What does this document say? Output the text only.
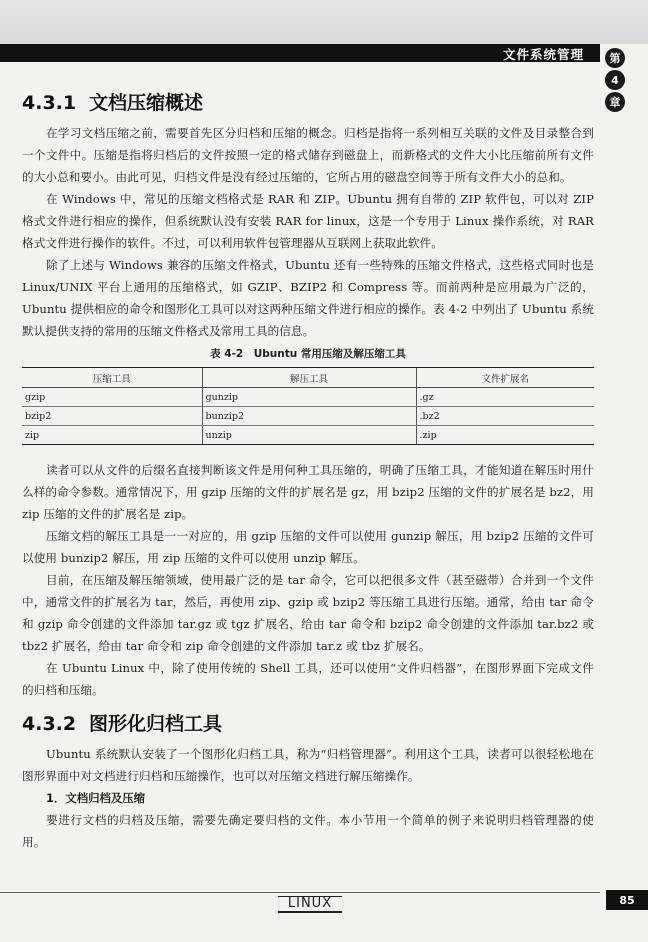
文件系统管理	第
4
章
4.3.1 文档压缩概述

在学习文档压缩之前，需要首先区分归档和压缩的概念。归档是指将一系列相互关联的文件及目录整合到一个文件中。压缩是指将归档后的文件按照一定的格式储存到磁盘上，而新格式的文件大小比压缩前所有文件的大小总和要小。由此可见，归档文件是没有经过压缩的，它所占用的磁盘空间等于所有文件大小的总和。

在 Windows 中，常见的压缩文档格式是 RAR 和 ZIP。Ubuntu 拥有自带的 ZIP 软件包，可以对 ZIP 格式文件进行相应的操作，但系统默认没有安装 RAR for linux，这是一个专用于 Linux 操作系统，对 RAR 格式文件进行操作的软件。不过，可以利用软件包管理器从互联网上获取此软件。

除了上述与 Windows 兼容的压缩文件格式，Ubuntu 还有一些特殊的压缩文件格式，这些格式同时也是 Linux/UNIX 平台上通用的压缩格式，如 GZIP、BZIP2 和 Compress 等。而前两种是应用最为广泛的，Ubuntu 提供相应的命令和图形化工具可以对这两种压缩文件进行相应的操作。表 4-2 中列出了 Ubuntu 系统默认提供支持的常用的压缩文件格式及常用工具的信息。

表 4-2　Ubuntu 常用压缩及解压缩工具
压缩工具	解压工具	文件扩展名
gzip	gunzip	.gz
bzip2	bunzip2	.bz2
zip	unzip	.zip

读者可以从文件的后缀名直接判断该文件是用何种工具压缩的，明确了压缩工具，才能知道在解压时用什么样的命令参数。通常情况下，用 gzip 压缩的文件的扩展名是 gz，用 bzip2 压缩的文件的扩展名是 bz2，用 zip 压缩的文件的扩展名是 zip。

压缩文档的解压工具是一一对应的，用 gzip 压缩的文件可以使用 gunzip 解压，用 bzip2 压缩的文件可以使用 bunzip2 解压，用 zip 压缩的文件可以使用 unzip 解压。

目前，在压缩及解压缩领域，使用最广泛的是 tar 命令，它可以把很多文件（甚至磁带）合并到一个文件中，通常文件的扩展名为 tar，然后，再使用 zip、gzip 或 bzip2 等压缩工具进行压缩。通常，给由 tar 命令和 gzip 命令创建的文件添加 tar.gz 或 tgz 扩展名，给由 tar 命令和 bzip2 命令创建的文件添加 tar.bz2 或 tbz2 扩展名，给由 tar 命令和 zip 命令创建的文件添加 tar.z 或 tbz 扩展名。

在 Ubuntu Linux 中，除了使用传统的 Shell 工具，还可以使用“文件归档器”，在图形界面下完成文件的归档和压缩。

4.3.2 图形化归档工具

Ubuntu 系统默认安装了一个图形化归档工具，称为“归档管理器”。利用这个工具，读者可以很轻松地在图形界面中对文档进行归档和压缩操作，也可以对压缩文档进行解压缩操作。

1．文档归档及压缩

要进行文档的归档及压缩，需要先确定要归档的文件。本小节用一个简单的例子来说明归档管理器的使用。

LINUX	85
